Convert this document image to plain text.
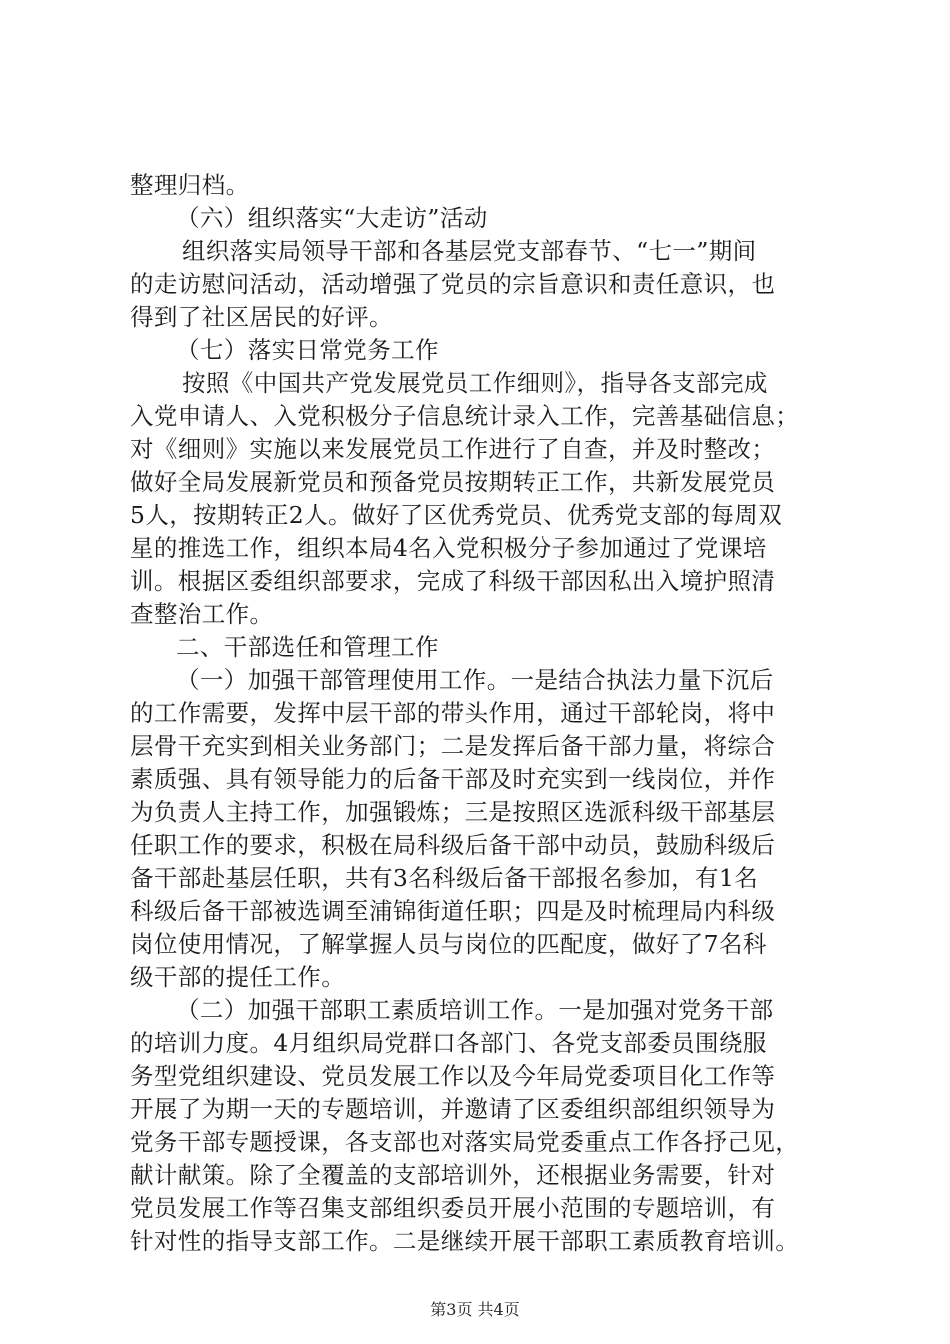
整理归档。
（六）组织落实“大走访”活动
组织落实局领导干部和各基层党支部春节、“七一”期间
的走访慰问活动，活动增强了党员的宗旨意识和责任意识，也
得到了社区居民的好评。
（七）落实日常党务工作
按照《中国共产党发展党员工作细则》，指导各支部完成
入党申请人、入党积极分子信息统计录入工作，完善基础信息；
对《细则》实施以来发展党员工作进行了自查，并及时整改；
做好全局发展新党员和预备党员按期转正工作，共新发展党员
5人，按期转正2人。做好了区优秀党员、优秀党支部的每周双
星的推选工作，组织本局4名入党积极分子参加通过了党课培
训。根据区委组织部要求，完成了科级干部因私出入境护照清
查整治工作。
二、干部选任和管理工作
（一）加强干部管理使用工作。一是结合执法力量下沉后
的工作需要，发挥中层干部的带头作用，通过干部轮岗，将中
层骨干充实到相关业务部门；二是发挥后备干部力量，将综合
素质强、具有领导能力的后备干部及时充实到一线岗位，并作
为负责人主持工作，加强锻炼；三是按照区选派科级干部基层
任职工作的要求，积极在局科级后备干部中动员，鼓励科级后
备干部赴基层任职，共有3名科级后备干部报名参加，有1名
科级后备干部被选调至浦锦街道任职；四是及时梳理局内科级
岗位使用情况，了解掌握人员与岗位的匹配度，做好了7名科
级干部的提任工作。
（二）加强干部职工素质培训工作。一是加强对党务干部
的培训力度。4月组织局党群口各部门、各党支部委员围绕服
务型党组织建设、党员发展工作以及今年局党委项目化工作等
开展了为期一天的专题培训，并邀请了区委组织部组织领导为
党务干部专题授课，各支部也对落实局党委重点工作各抒己见，
献计献策。除了全覆盖的支部培训外，还根据业务需要，针对
党员发展工作等召集支部组织委员开展小范围的专题培训，有
针对性的指导支部工作。二是继续开展干部职工素质教育培训。
第3页 共4页
